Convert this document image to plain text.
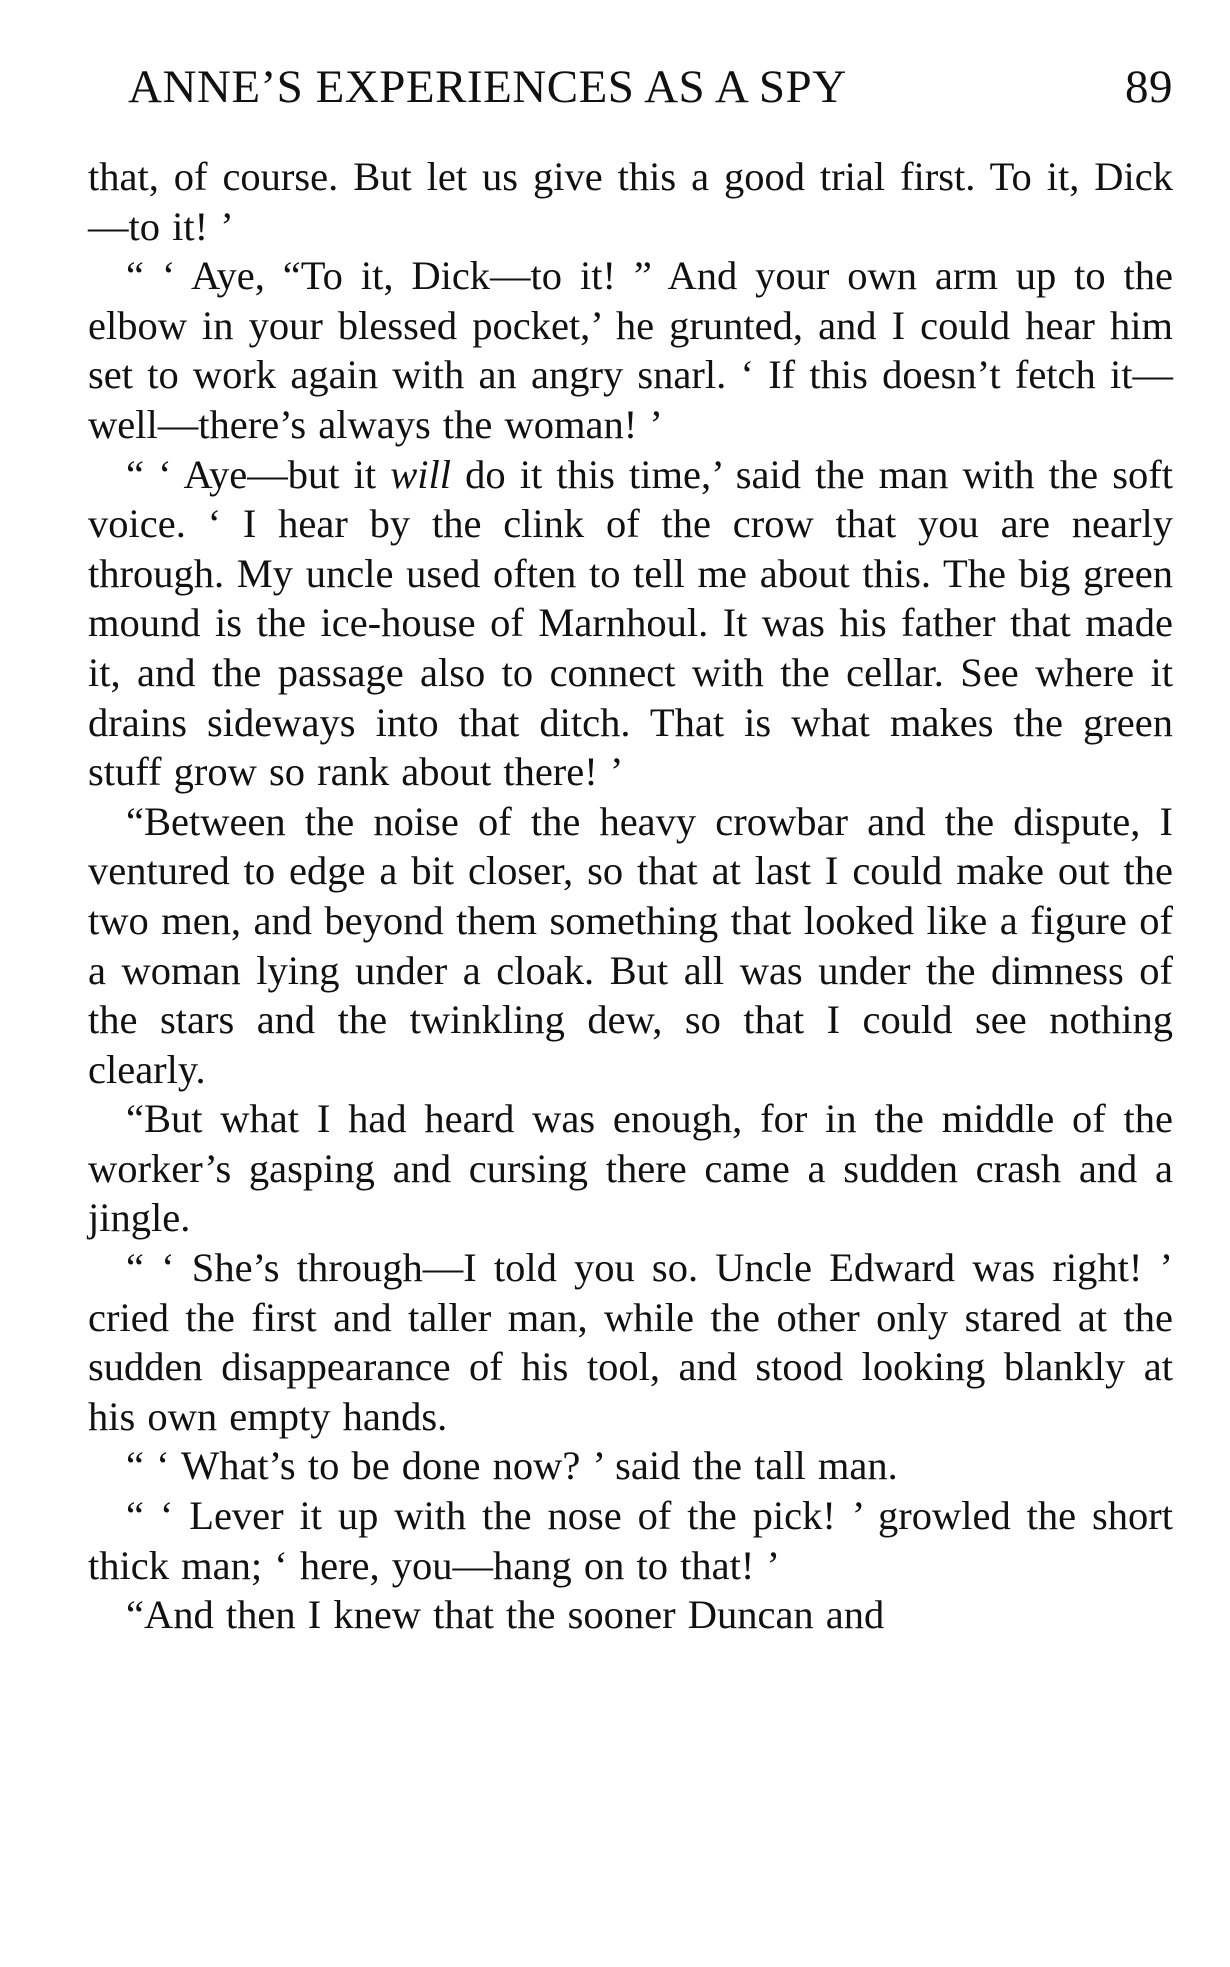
ANNE’S EXPERIENCES AS A SPY	89

that, of course. But let us give this a good trial first. To it, Dick—to it! ’

“ ‘ Aye, “To it, Dick—to it! ” And your own arm up to the elbow in your blessed pocket,’ he grunted, and I could hear him set to work again with an angry snarl. ‘ If this doesn’t fetch it—well—there’s always the woman! ’

“ ‘ Aye—but it will do it this time,’ said the man with the soft voice. ‘ I hear by the clink of the crow that you are nearly through. My uncle used often to tell me about this. The big green mound is the ice-house of Marnhoul. It was his father that made it, and the passage also to connect with the cellar. See where it drains sideways into that ditch. That is what makes the green stuff grow so rank about there! ’

“Between the noise of the heavy crowbar and the dispute, I ventured to edge a bit closer, so that at last I could make out the two men, and beyond them something that looked like a figure of a woman lying under a cloak. But all was under the dimness of the stars and the twinkling dew, so that I could see nothing clearly.

“But what I had heard was enough, for in the middle of the worker’s gasping and cursing there came a sudden crash and a jingle.

“ ‘ She’s through—I told you so. Uncle Edward was right! ’ cried the first and taller man, while the other only stared at the sudden disappearance of his tool, and stood looking blankly at his own empty hands.

“ ‘ What’s to be done now? ’ said the tall man.

“ ‘ Lever it up with the nose of the pick! ’ growled the short thick man; ‘ here, you—hang on to that! ’

“And then I knew that the sooner Duncan and
